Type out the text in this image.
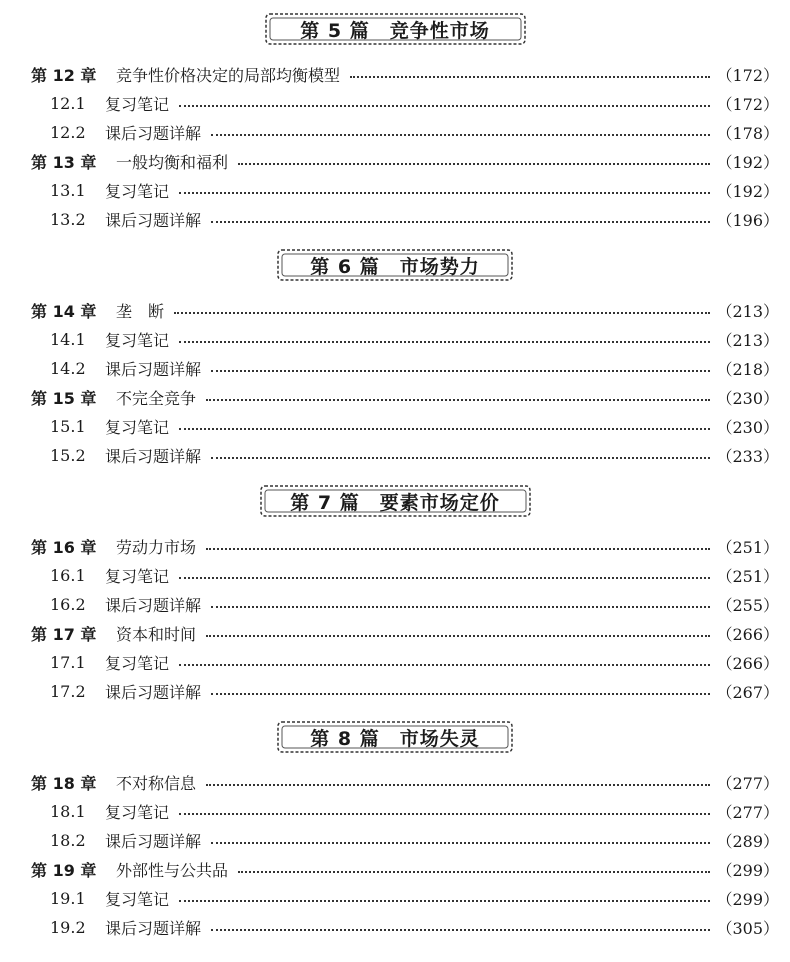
第 5 篇　竞争性市场
第 12 章	竞争性价格决定的局部均衡模型	（172）
12.1	复习笔记	（172）
12.2	课后习题详解	（178）
第 13 章	一般均衡和福利	（192）
13.1	复习笔记	（192）
13.2	课后习题详解	（196）
第 6 篇　市场势力
第 14 章	垄　断	（213）
14.1	复习笔记	（213）
14.2	课后习题详解	（218）
第 15 章	不完全竞争	（230）
15.1	复习笔记	（230）
15.2	课后习题详解	（233）
第 7 篇　要素市场定价
第 16 章	劳动力市场	（251）
16.1	复习笔记	（251）
16.2	课后习题详解	（255）
第 17 章	资本和时间	（266）
17.1	复习笔记	（266）
17.2	课后习题详解	（267）
第 8 篇　市场失灵
第 18 章	不对称信息	（277）
18.1	复习笔记	（277）
18.2	课后习题详解	（289）
第 19 章	外部性与公共品	（299）
19.1	复习笔记	（299）
19.2	课后习题详解	（305）
